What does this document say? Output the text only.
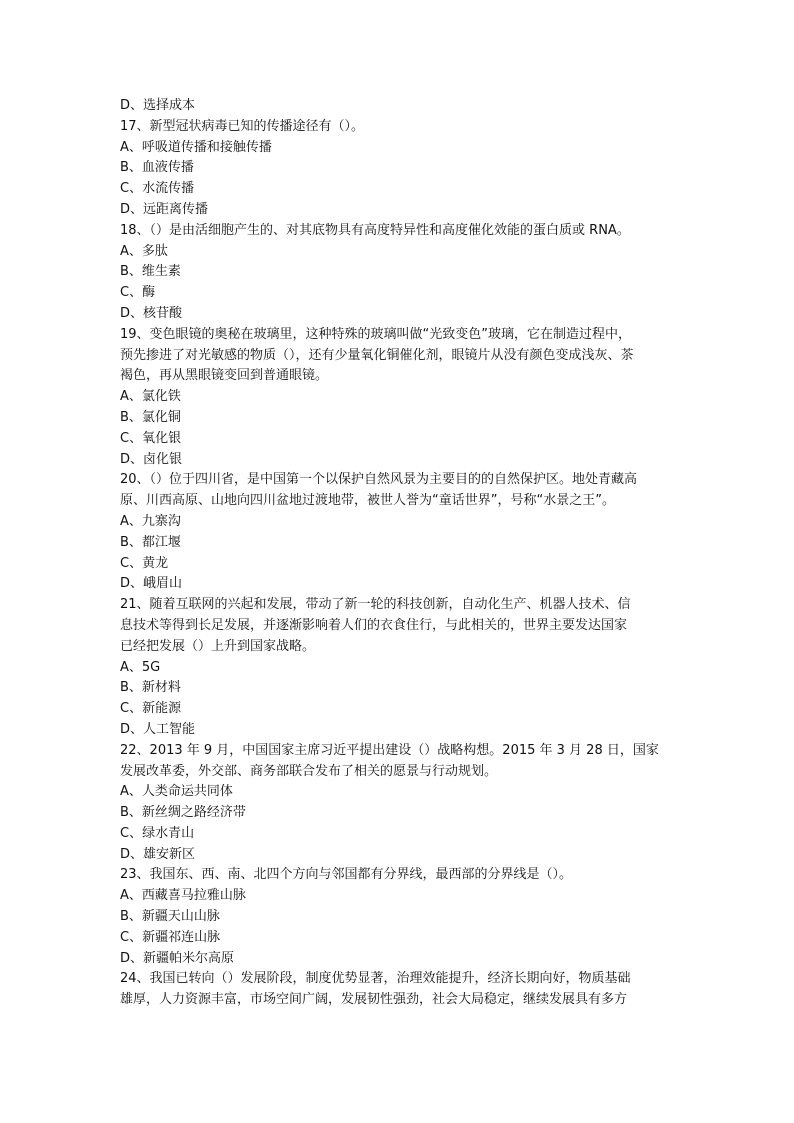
D、选择成本
17、新型冠状病毒已知的传播途径有（）。
A、呼吸道传播和接触传播
B、血液传播
C、水流传播
D、远距离传播
18、（）是由活细胞产生的、对其底物具有高度特异性和高度催化效能的蛋白质或 RNA。
A、多肽
B、维生素
C、酶
D、核苷酸
19、变色眼镜的奥秘在玻璃里，这种特殊的玻璃叫做“光致变色”玻璃，它在制造过程中，
预先掺进了对光敏感的物质（），还有少量氧化铜催化剂，眼镜片从没有颜色变成浅灰、茶
褐色，再从黑眼镜变回到普通眼镜。
A、氯化铁
B、氯化铜
C、氧化银
D、卤化银
20、（）位于四川省，是中国第一个以保护自然风景为主要目的的自然保护区。地处青藏高
原、川西高原、山地向四川盆地过渡地带，被世人誉为“童话世界”，号称“水景之王”。
A、九寨沟
B、都江堰
C、黄龙
D、峨眉山
21、随着互联网的兴起和发展，带动了新一轮的科技创新，自动化生产、机器人技术、信
息技术等得到长足发展，并逐渐影响着人们的衣食住行，与此相关的，世界主要发达国家
已经把发展（）上升到国家战略。
A、5G
B、新材料
C、新能源
D、人工智能
22、2013 年 9 月，中国国家主席习近平提出建设（）战略构想。2015 年 3 月 28 日，国家
发展改革委，外交部、商务部联合发布了相关的愿景与行动规划。
A、人类命运共同体
B、新丝绸之路经济带
C、绿水青山
D、雄安新区
23、我国东、西、南、北四个方向与邻国都有分界线，最西部的分界线是（）。
A、西藏喜马拉雅山脉
B、新疆天山山脉
C、新疆祁连山脉
D、新疆帕米尔高原
24、我国已转向（）发展阶段，制度优势显著，治理效能提升，经济长期向好，物质基础
雄厚，人力资源丰富，市场空间广阔，发展韧性强劲，社会大局稳定，继续发展具有多方
